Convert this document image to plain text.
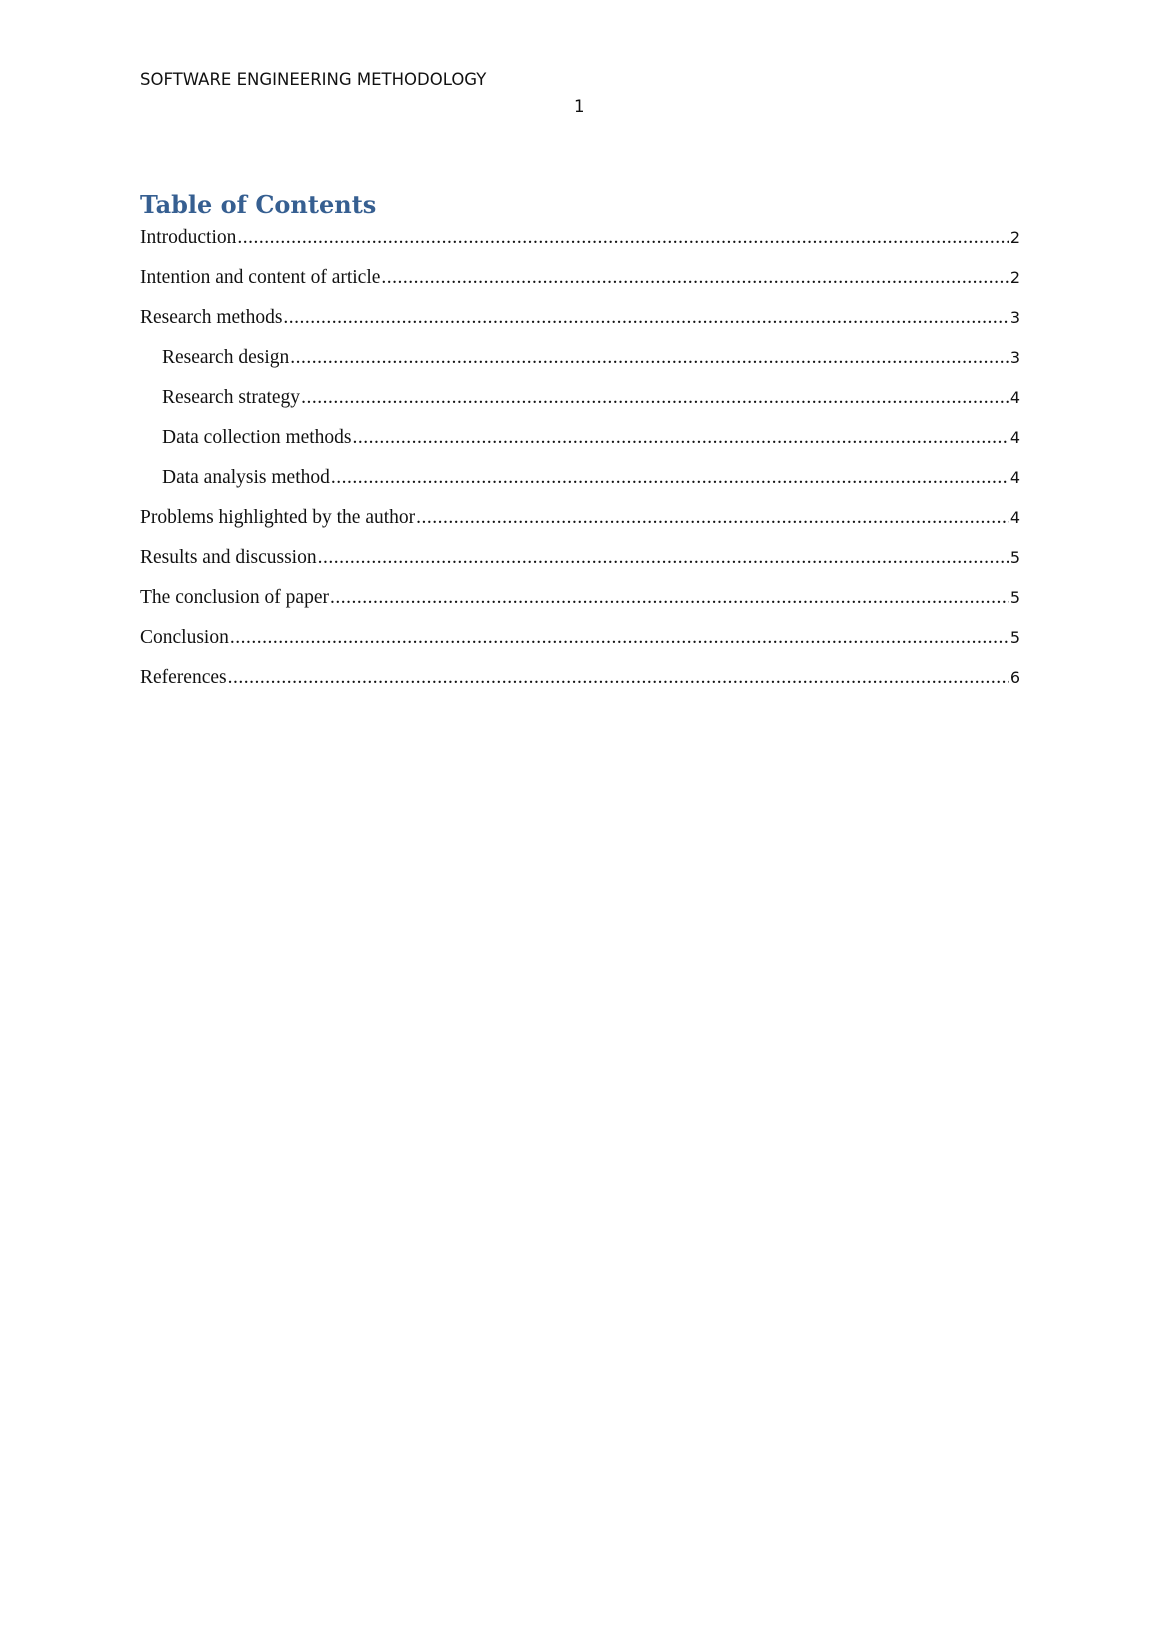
SOFTWARE ENGINEERING METHODOLOGY
1
Table of Contents
Introduction .....	2
Intention and content of article .....	2
Research methods .....	3
Research design .....	3
Research strategy .....	4
Data collection methods .....	4
Data analysis method .....	4
Problems highlighted by the author .....	4
Results and discussion .....	5
The conclusion of paper .....	5
Conclusion .....	5
References .....	6
